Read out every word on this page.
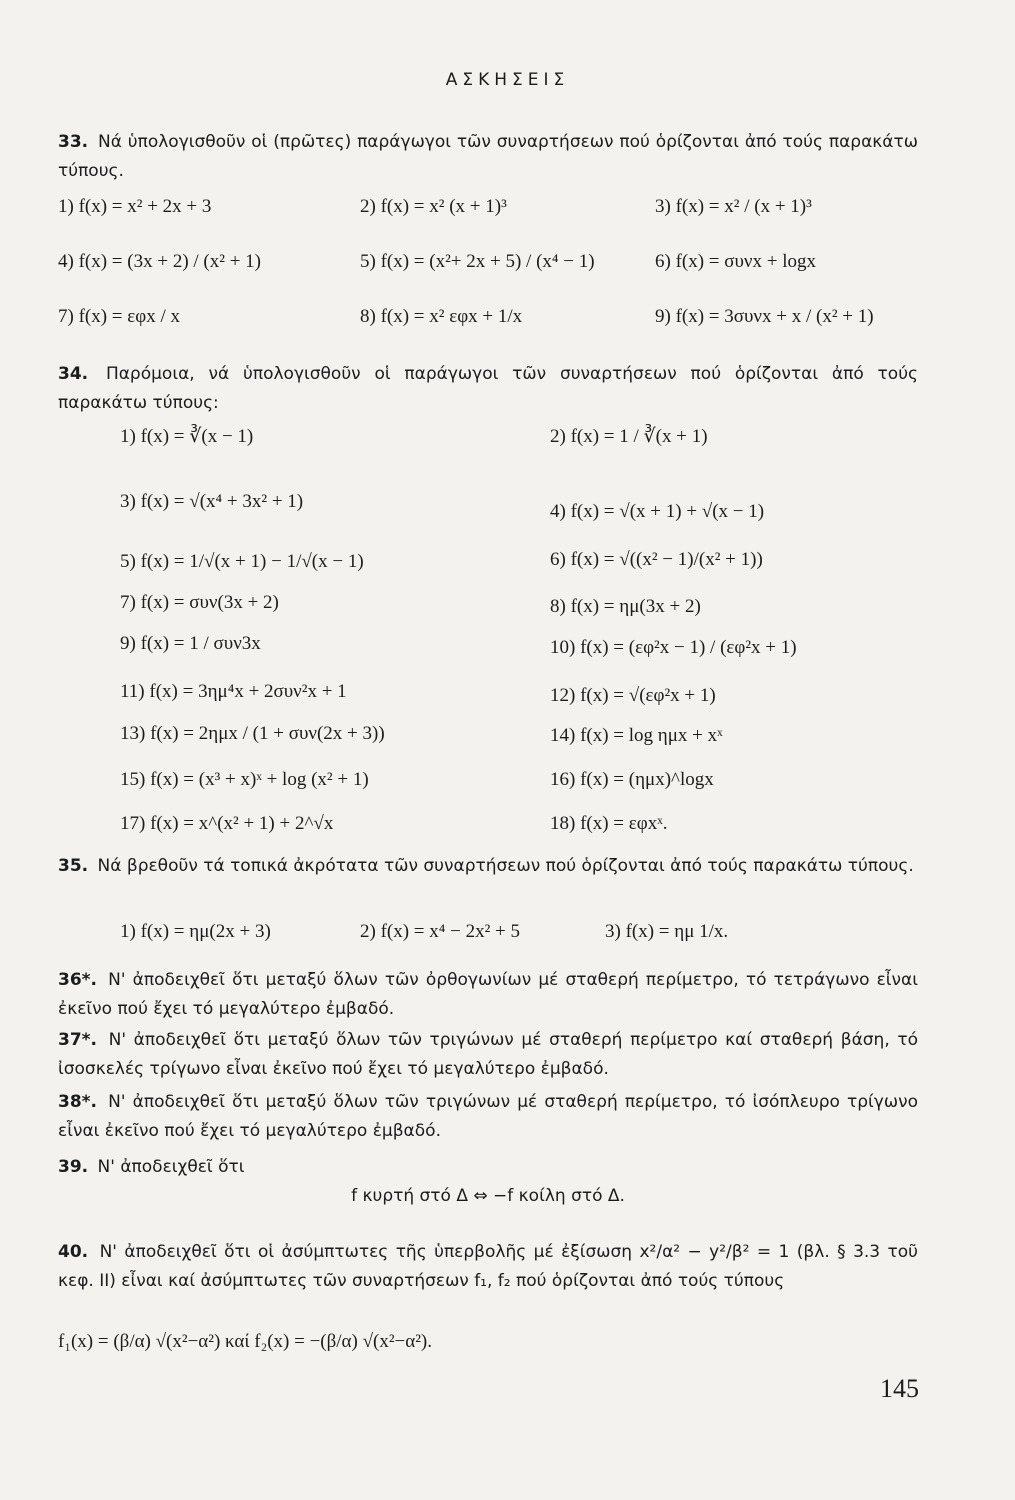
ΑΣΚΗΣΕΙΣ
33. Νά ὑπολογισθοῦν οἱ (πρῶτες) παράγωγοι τῶν συναρτήσεων πού ὁρίζονται ἀπό τούς παρακάτω τύπους.
1) f(x) = x² + 2x + 3	2) f(x) = x² (x + 1)³	3) f(x) = x² / (x + 1)³
4) f(x) = (3x + 2) / (x² + 1)	5) f(x) = (x²+ 2x + 5) / (x⁴ − 1)	6) f(x) = συνx + logx
7) f(x) = εφx / x	8) f(x) = x² εφx + 1/x	9) f(x) = 3συνx + x / (x² + 1)
34. Παρόμοια, νά ὑπολογισθοῦν οἱ παράγωγοι τῶν συναρτήσεων πού ὁρίζονται ἀπό τούς παρακάτω τύπους:
1) f(x) = ∛(x − 1)	2) f(x) = 1 / ∛(x + 1)
3) f(x) = √(x⁴ + 3x² + 1)	4) f(x) = √(x + 1) + √(x − 1)
5) f(x) = 1/√(x + 1) − 1/√(x − 1)	6) f(x) = √((x² − 1)/(x² + 1))
7) f(x) = συν(3x + 2)	8) f(x) = ημ(3x + 2)
9) f(x) = 1 / συν3x	10) f(x) = (εφ²x − 1) / (εφ²x + 1)
11) f(x) = 3ημ⁴x + 2συν²x + 1	12) f(x) = √(εφ²x + 1)
13) f(x) = 2ημx / (1 + συν(2x + 3))	14) f(x) = log ημx + xˣ
15) f(x) = (x³ + x)ˣ + log (x² + 1)	16) f(x) = (ημx)^logx
17) f(x) = x^(x² + 1) + 2^√x	18) f(x) = εφxˣ.
35. Νά βρεθοῦν τά τοπικά ἀκρότατα τῶν συναρτήσεων πού ὁρίζονται ἀπό τούς παρακάτω τύπους.
1) f(x) = ημ(2x + 3)	2) f(x) = x⁴ − 2x² + 5	3) f(x) = ημ 1/x.
36*. Ν' ἀποδειχθεῖ ὅτι μεταξύ ὅλων τῶν ὀρθογωνίων μέ σταθερή περίμετρο, τό τετράγωνο εἶναι ἐκεῖνο πού ἔχει τό μεγαλύτερο ἐμβαδό.
37*. Ν' ἀποδειχθεῖ ὅτι μεταξύ ὅλων τῶν τριγώνων μέ σταθερή περίμετρο καί σταθερή βάση, τό ἰσοσκελές τρίγωνο εἶναι ἐκεῖνο πού ἔχει τό μεγαλύτερο ἐμβαδό.
38*. Ν' ἀποδειχθεῖ ὅτι μεταξύ ὅλων τῶν τριγώνων μέ σταθερή περίμετρο, τό ἰσόπλευρο τρίγωνο εἶναι ἐκεῖνο πού ἔχει τό μεγαλύτερο ἐμβαδό.
39. Ν' ἀποδειχθεῖ ὅτι
f κυρτή στό Δ ⇔ −f κοίλη στό Δ.
40. Ν' ἀποδειχθεῖ ὅτι οἱ ἀσύμπτωτες τῆς ὑπερβολῆς μέ ἐξίσωση x²/α² − y²/β² = 1 (βλ. § 3.3 τοῦ κεφ. II) εἶναι καί ἀσύμπτωτες τῶν συναρτήσεων f₁, f₂ πού ὁρίζονται ἀπό τούς τύπους
f₁(x) = (β/α) √(x²−α²) καί f₂(x) = −(β/α) √(x²−α²).
145
